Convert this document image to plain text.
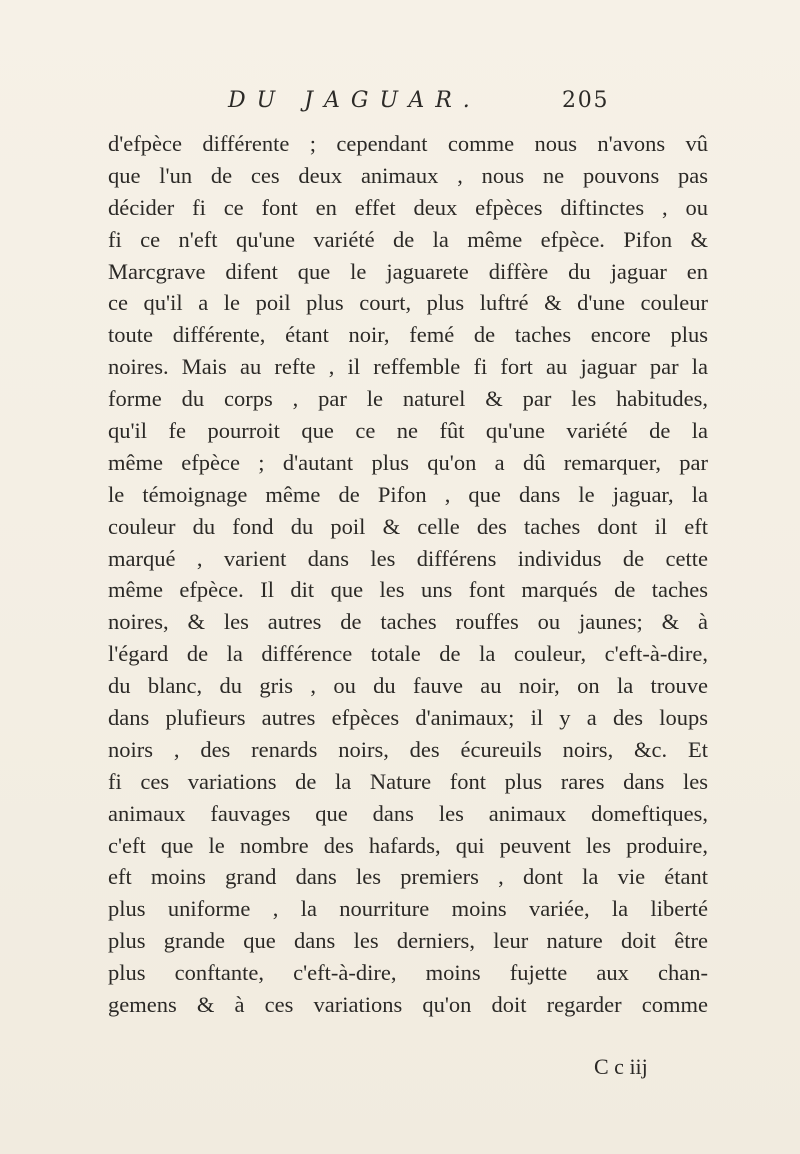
DU JAGUAR.	205
d'efpèce différente ; cependant comme nous n'avons vû
que l'un de ces deux animaux , nous ne pouvons pas
décider fi ce font en effet deux efpèces diftinctes , ou
fi ce n'eft qu'une variété de la même efpèce. Pifon &
Marcgrave difent que le jaguarete diffère du jaguar en
ce qu'il a le poil plus court, plus luftré & d'une couleur
toute différente, étant noir, femé de taches encore plus
noires. Mais au refte , il reffemble fi fort au jaguar par la
forme du corps , par le naturel & par les habitudes,
qu'il fe pourroit que ce ne fût qu'une variété de la
même efpèce ; d'autant plus qu'on a dû remarquer, par
le témoignage même de Pifon , que dans le jaguar, la
couleur du fond du poil & celle des taches dont il eft
marqué , varient dans les différens individus de cette
même efpèce. Il dit que les uns font marqués de taches
noires, & les autres de taches rouffes ou jaunes; & à
l'égard de la différence totale de la couleur, c'eft-à-dire,
du blanc, du gris , ou du fauve au noir, on la trouve
dans plufieurs autres efpèces d'animaux; il y a des loups
noirs , des renards noirs, des écureuils noirs, &c. Et
fi ces variations de la Nature font plus rares dans les
animaux fauvages que dans les animaux domeftiques,
c'eft que le nombre des hafards, qui peuvent les produire,
eft moins grand dans les premiers , dont la vie étant
plus uniforme , la nourriture moins variée, la liberté
plus grande que dans les derniers, leur nature doit être
plus conftante, c'eft-à-dire, moins fujette aux chan-
gemens & à ces variations qu'on doit regarder comme
C c iij
